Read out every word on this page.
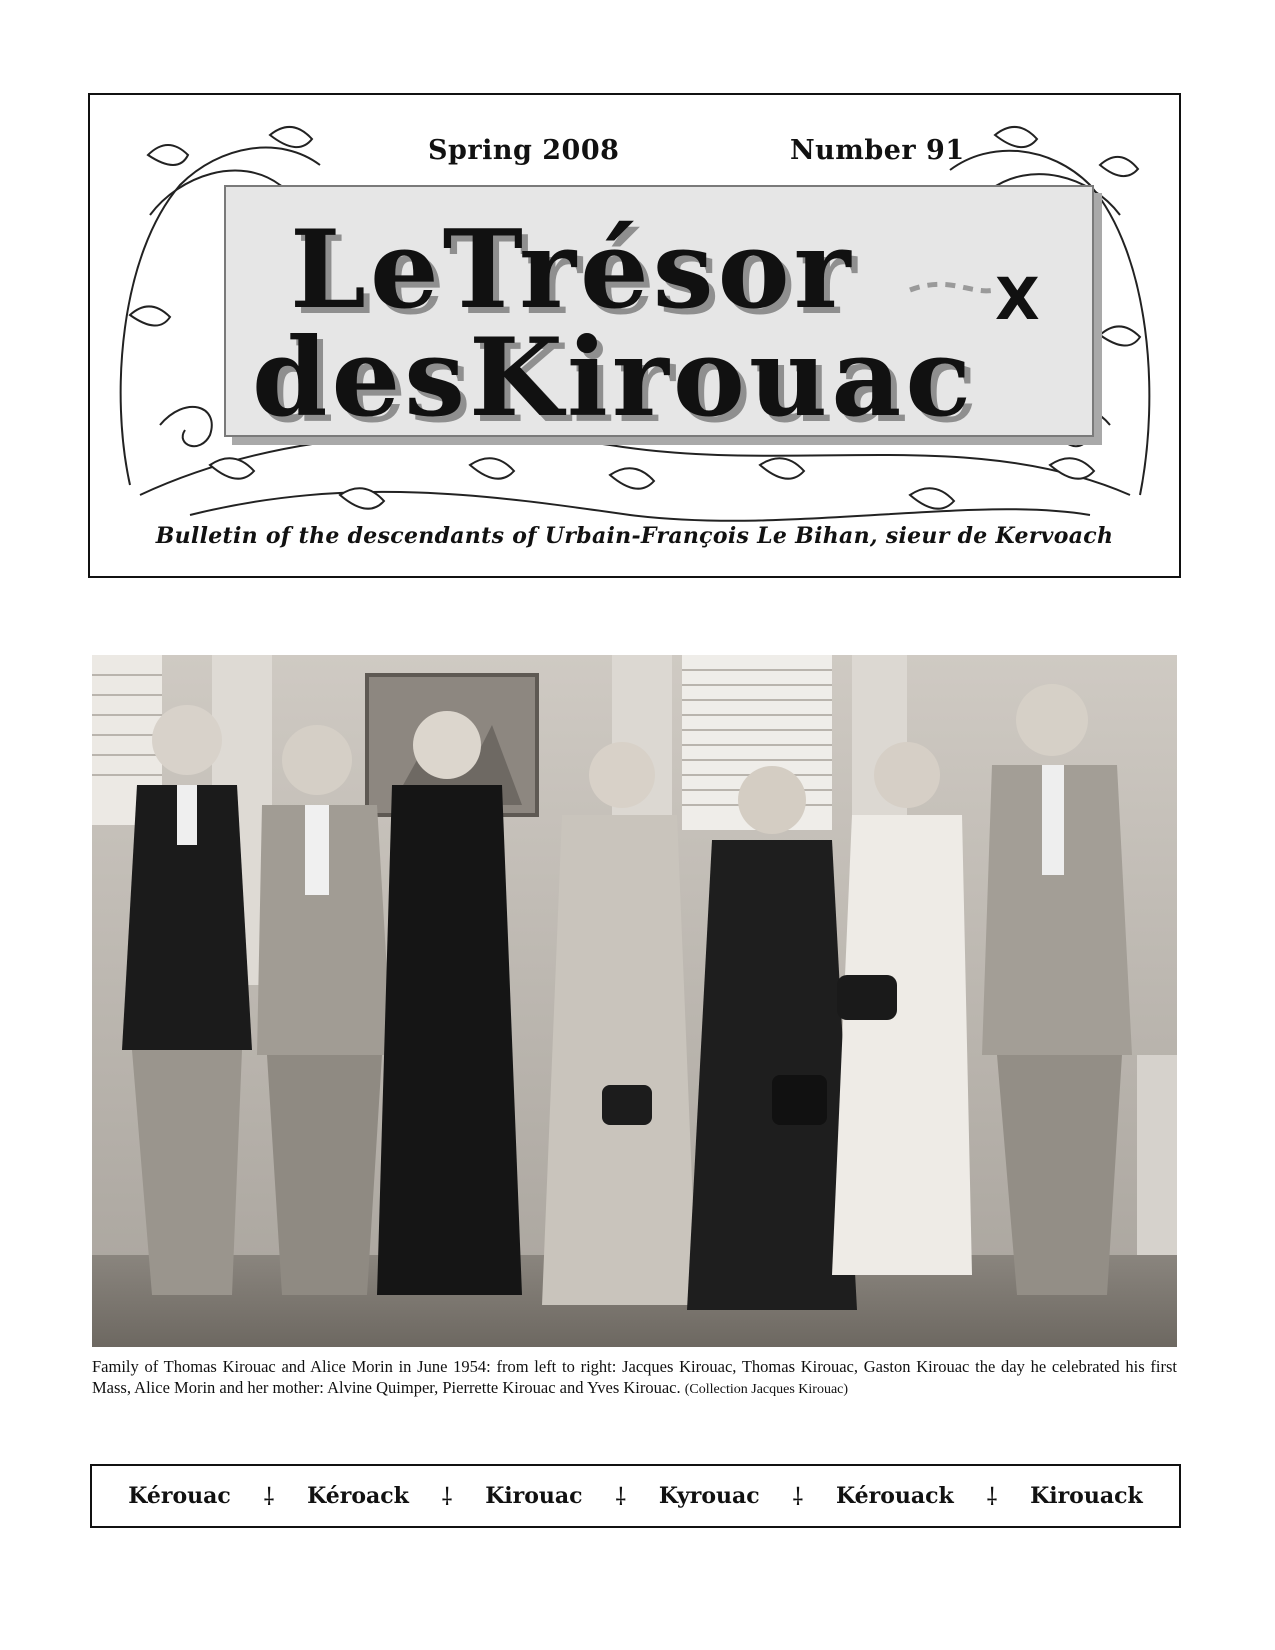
Spring 2008	Number 91
LeTrésor
desKirouac
X
Bulletin of the descendants of Urbain-François Le Bihan, sieur de Kervoach
Family of Thomas Kirouac and Alice Morin in June 1954: from left to right: Jacques Kirouac, Thomas Kirouac, Gaston Kirouac the day he celebrated his first Mass, Alice Morin and her mother: Alvine Quimper, Pierrette Kirouac and Yves Kirouac. (Collection Jacques Kirouac)
Kérouac ⸸ Kéroack ⸸ Kirouac ⸸ Kyrouac ⸸ Kérouack ⸸ Kirouack
